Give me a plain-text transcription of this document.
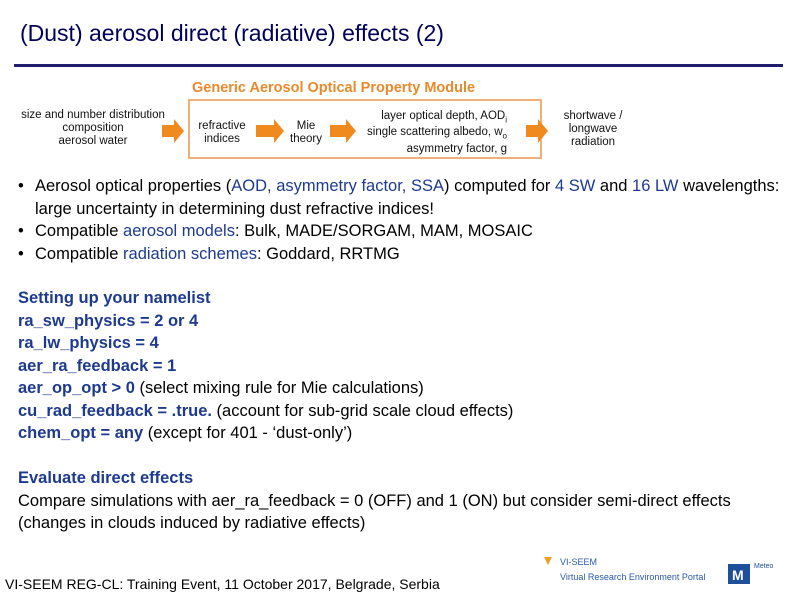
(Dust) aerosol direct (radiative) effects (2)
Generic Aerosol Optical Property Module
size and number distribution
composition
aerosol water
refractive
indices
Mie
theory
layer optical depth, $AOD_i$
single scattering albedo, $w_o$
asymmetry factor, g
shortwave /
longwave
radiation
• Aerosol optical properties (AOD, asymmetry factor, SSA) computed for 4 SW and 16 LW wavelengths: large uncertainty in determining dust refractive indices!
• Compatible aerosol models: Bulk, MADE/SORGAM, MAM, MOSAIC
• Compatible radiation schemes: Goddard, RRTMG
Setting up your namelist
ra_sw_physics = 2 or 4
ra_lw_physics = 4
aer_ra_feedback = 1
aer_op_opt > 0 (select mixing rule for Mie calculations)
cu_rad_feedback = .true. (account for sub-grid scale cloud effects)
chem_opt = any (except for 401 - ‘dust-only’)
Evaluate direct effects
Compare simulations with aer_ra_feedback = 0 (OFF) and 1 (ON) but consider semi-direct effects (changes in clouds induced by radiative effects)
VI-SEEM REG-CL: Training Event, 11 October 2017, Belgrade, Serbia
VI-SEEM
Virtual Research Environment Portal M
Meteo
